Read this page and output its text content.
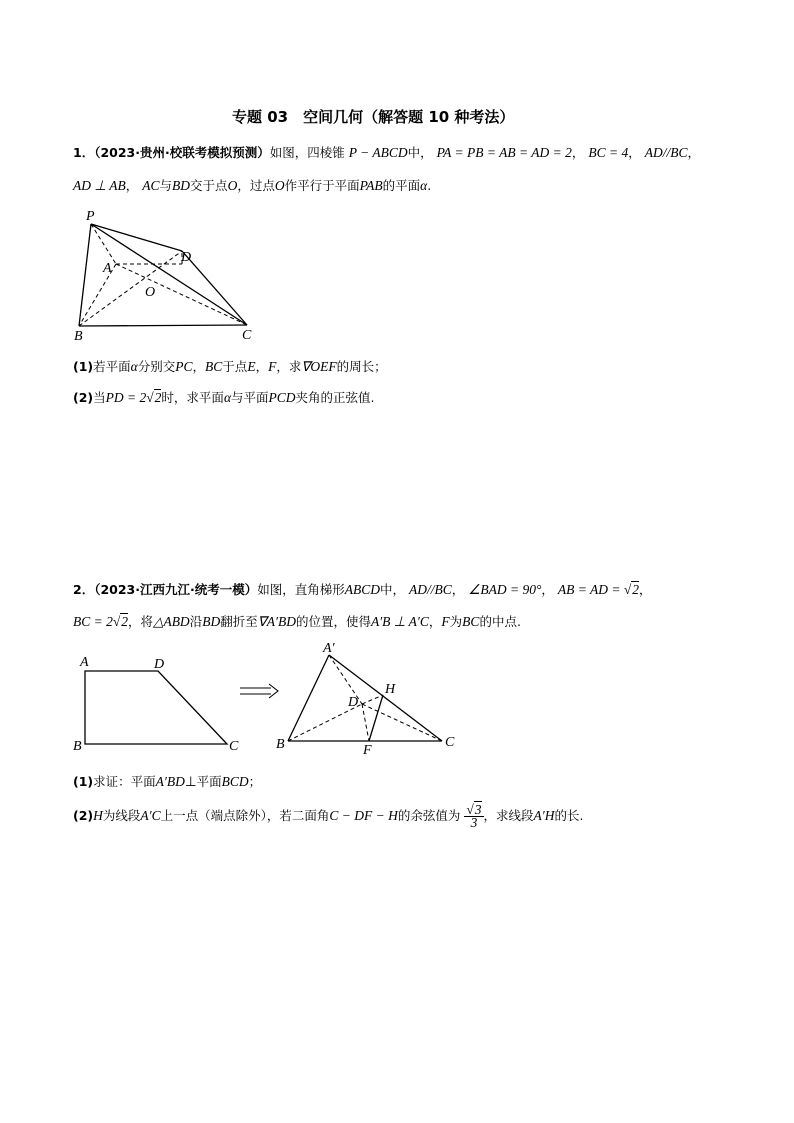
专题 03　空间几何（解答题 10 种考法）
1．（2023·贵州·校联考模拟预测）如图，四棱锥 P − ABCD中， PA = PB = AB = AD = 2， BC = 4， AD//BC，
AD ⊥ AB， AC与BD交于点O，过点O作平行于平面PAB的平面α.
P
A
D
O
B	C
(1)若平面α分别交PC，BC于点E，F，求∇OEF的周长；
(2)当PD = 2√2时，求平面α与平面PCD夹角的正弦值.
2．（2023·江西九江·统考一模）如图，直角梯形ABCD中， AD//BC， ∠BAD = 90°， AB = AD = √2，
BC = 2√2，将△ABD沿BD翻折至∇A′BD的位置，使得A′B ⊥ A′C，F为BC的中点.
A	D
B	C
A′
H
D
B	F
C
(1)求证：平面A′BD⊥平面BCD；
(2)H为线段A′C上一点（端点除外），若二面角C − DF − H的余弦值为 $\frac{√3}{3}$ ，求线段A′H的长.
